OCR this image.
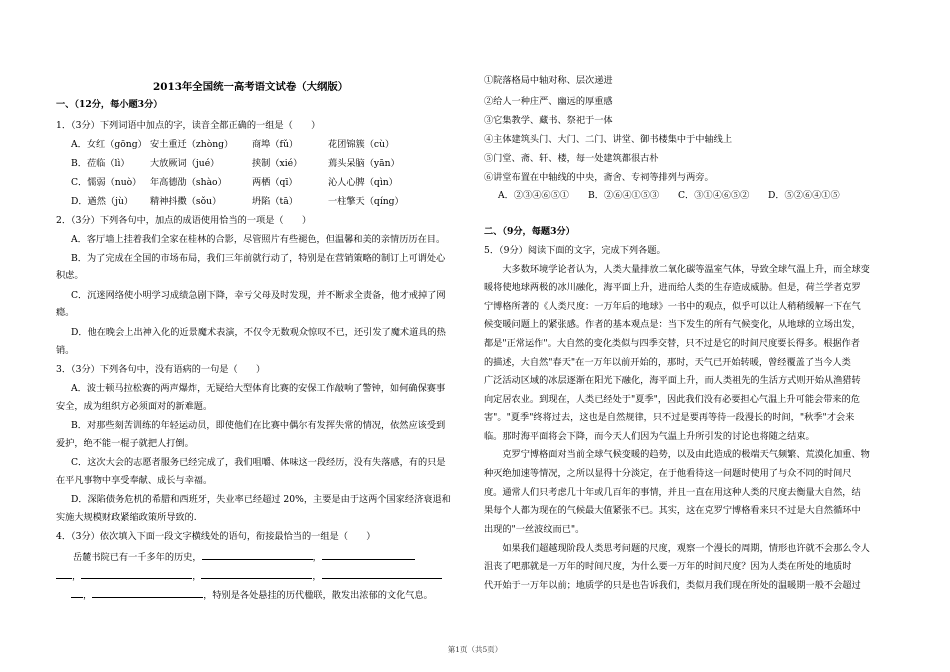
2013年全国统一高考语文试卷（大纲版）
一、（12分，每小题3分）
1．（3分）下列词语中加点的字，读音全都正确的一组是（　　）
A．女红（gōng） 安土重迁（zhòng） 商埠（fǔ）	花团锦簇（cù）
B．莅临（lì） 大放厥词（jué）	挟制（xié）	蔫头呆脑（yān）
C．懦弱（nuò） 年高德劭（shào）	两栖（qī）	沁人心脾（qìn）
D．遒然（jù） 精神抖擞（sǒu）	坍陷（tā）	一柱擎天（qíng）
2．（3分）下列各句中，加点的成语使用恰当的一项是（　　）
A．客厅墙上挂着我们全家在桂林的合影，尽管照片有些褪色，但温馨和美的亲情历历在目。
B．为了完成在全国的市场布局，我们三年前就行动了，特别是在营销策略的制订上可谓处心
积虑。
C．沉迷网络使小明学习成绩急剧下降，幸亏父母及时发现，并不断求全责备，他才戒掉了网
瘾。
D．他在晚会上出神入化的近景魔术表演，不仅令无数观众惊叹不已，还引发了魔术道具的热
销。
3．（3分）下列各句中，没有语病的一句是（　　）
A．波士顿马拉松赛的两声爆炸，无疑给大型体育比赛的安保工作敲响了警钟，如何确保赛事
安全，成为组织方必须面对的新难题。
B．对那些刻苦训练的年轻运动员，即使他们在比赛中偶尔有发挥失常的情况，依然应该受到
爱护，绝不能一棍子就把人打倒。
C．这次大会的志愿者服务已经完成了，我们咀嚼、体味这一段经历，没有失落感，有的只是
在平凡事物中享受奉献、成长与幸福。
D．深陷债务危机的希腊和西班牙，失业率已经超过 20%，主要是由于这两个国家经济衰退和
实施大规模财政紧缩政策所导致的.
4．（3分）依次填入下面一段文字横线处的语句，衔接最恰当的一组是（　　）
岳麓书院已有一千多年的历史，	，
，	，	，
，	，特别是各处悬挂的历代楹联，散发出浓郁的文化气息。
①院落格局中轴对称、层次递进
②给人一种庄严、幽远的厚重感
③它集教学、藏书、祭祀于一体
④主体建筑头门、大门、二门、讲堂、御书楼集中于中轴线上
⑤门堂、斋、轩、楼，每一处建筑都很古朴
⑥讲堂布置在中轴线的中央，斋舍、专祠等排列与两旁。
A．②③④⑥⑤① B．②⑥④①⑤③ C．③①④⑥⑤② D．⑤②⑥④①⑤
二、（9分，每题3分）
5．（9分）阅读下面的文字，完成下列各题。
　　大多数环境学论者认为，人类大量排放二氧化碳等温室气体，导致全球气温上升，而全球变
暖将使地球两极的冰川融化，海平面上升，进而给人类的生存造成威胁。但是，荷兰学者克罗
宁博格所著的《人类尺度：一万年后的地球》一书中的观点，似乎可以让人稍稍缓解一下在气
候变暖问题上的紧张感。作者的基本观点是：当下发生的所有气候变化，从地球的立场出发，
都是"正常运作"。大自然的变化类似与四季交替，只不过是它的时间尺度要长得多。根据作者
的描述，大自然"春天"在一万年以前开始的，那时，天气已开始转暖，曾经覆盖了当今人类
广泛活动区域的冰层逐渐在阳光下融化，海平面上升，而人类祖先的生活方式则开始从渔猎转
向定居农业。到现在，人类已经处于"夏季"，因此我们没有必要担心气温上升可能会带来的危
害"。"夏季"终将过去，这也是自然规律，只不过是要再等待一段漫长的时间，"秋季"才会来
临。那时海平面将会下降，而今天人们因为气温上升所引发的讨论也将随之结束。
　　克罗宁博格面对当前全球气候变暖的趋势，以及由此造成的极端天气频繁、荒漠化加重、物
种灭绝加速等情况，之所以显得十分淡定，在于他看待这一问题时使用了与众不同的时间尺
度。通常人们只考虑几十年或几百年的事情，并且一直在用这种人类的尺度去衡量大自然，结
果每个人都为现在的气候最大值紧张不已。其实，这在克罗宁博格看来只不过是大自然循环中
出现的"一丝波纹而已"。
　　如果我们超越现阶段人类思考问题的尺度，观察一个漫长的周期，情形也许就不会那么令人
沮丧了吧那就是一万年的时间尺度，为什么要一万年的时间尺度？因为人类在所处的地质时
代开始于一万年以前；地质学的只是也告诉我们，类似月我们现在所处的温暖期一般不会超过
第1页（共5页）
